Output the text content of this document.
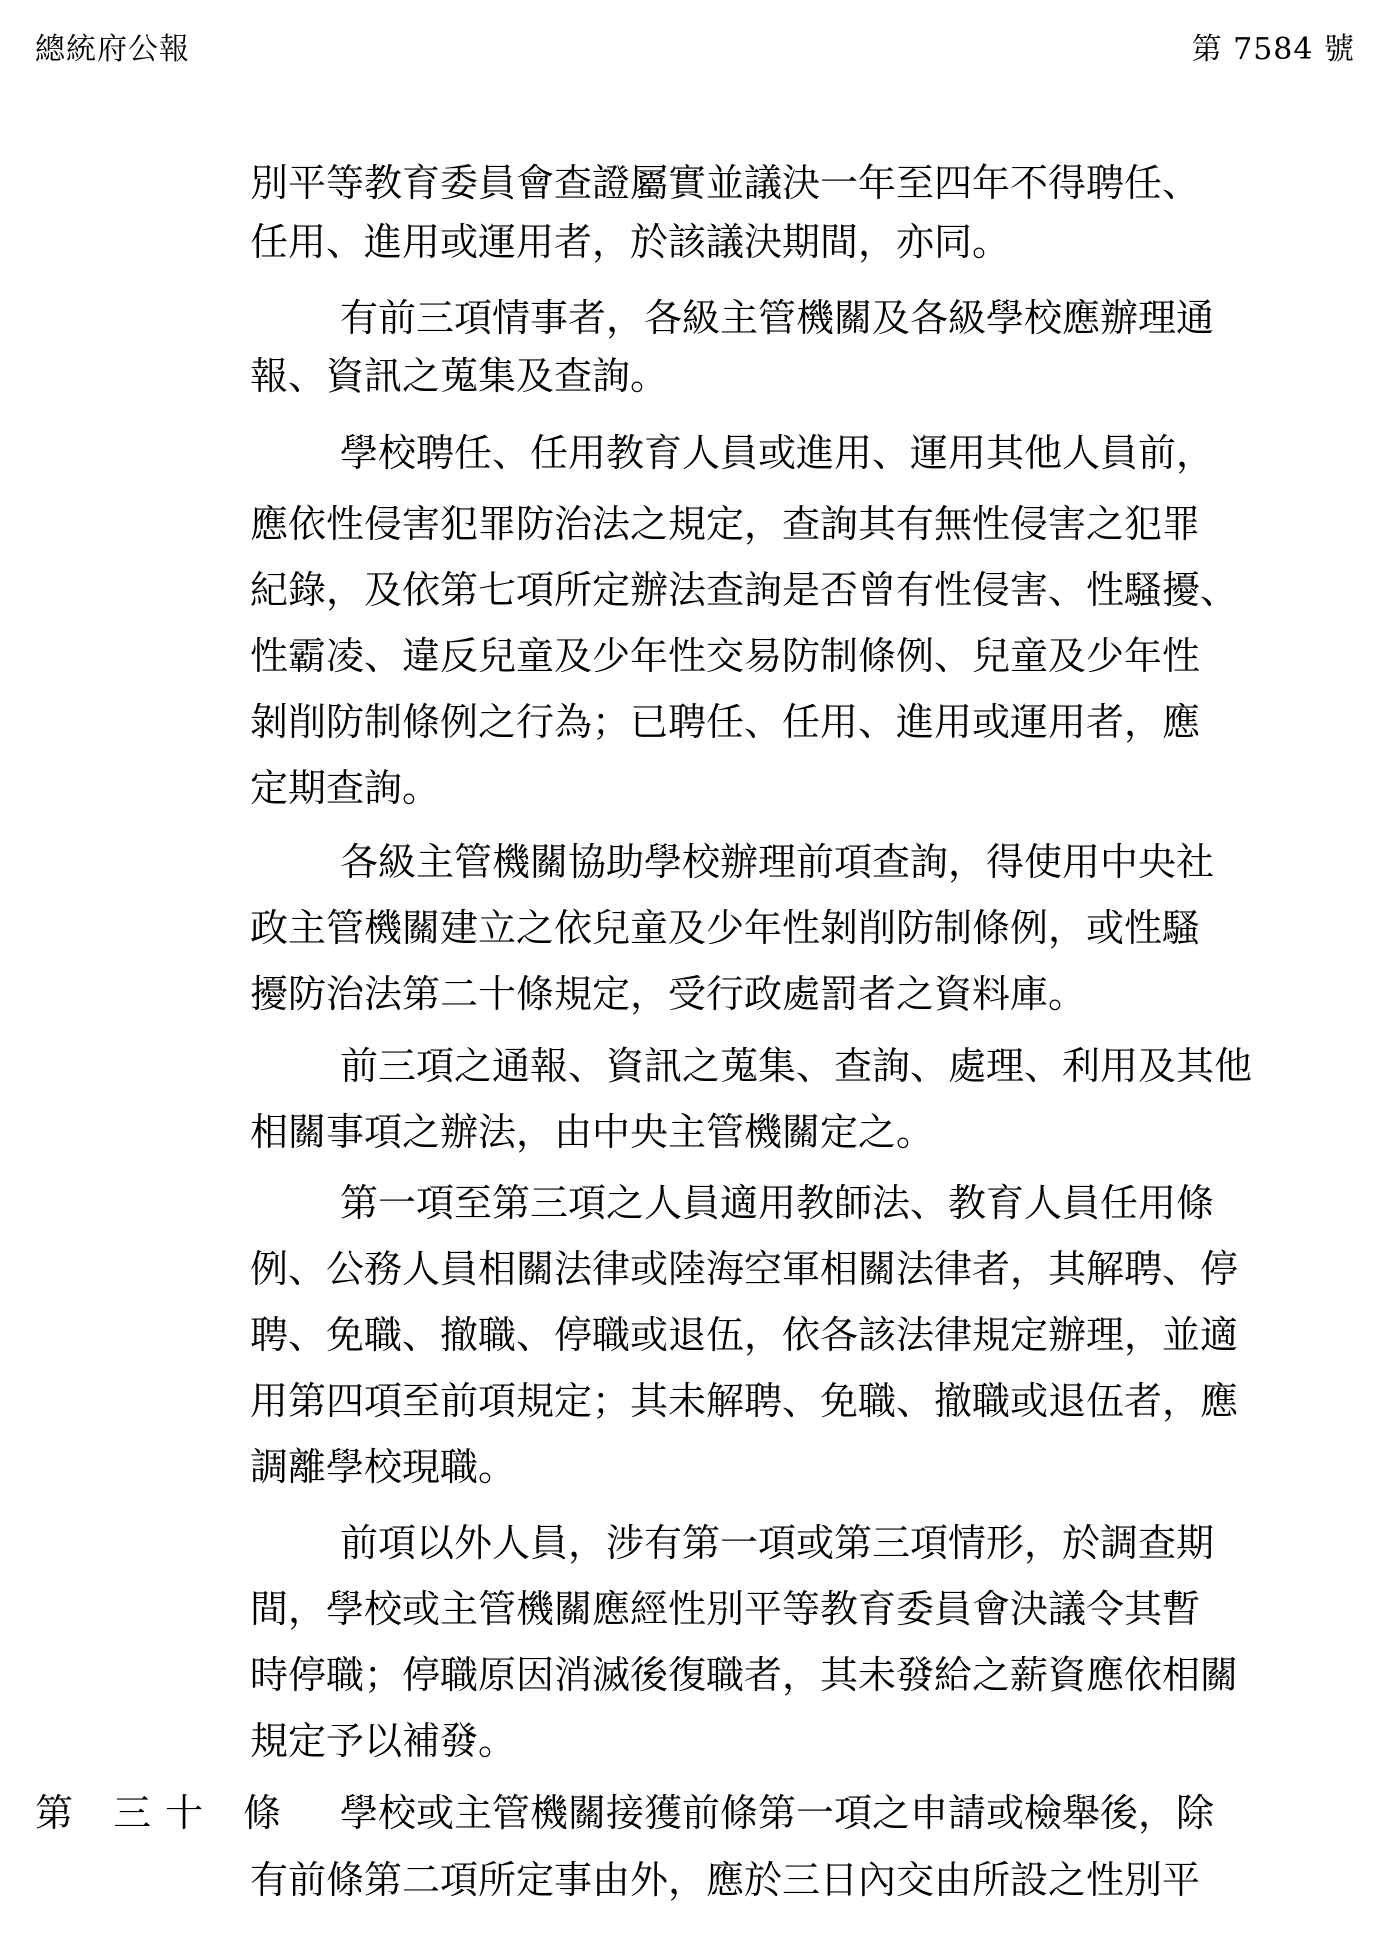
總統府公報	第 7584 號
別平等教育委員會查證屬實並議決一年至四年不得聘任、
任用、進用或運用者，於該議決期間，亦同。
有前三項情事者，各級主管機關及各級學校應辦理通
報、資訊之蒐集及查詢。
學校聘任、任用教育人員或進用、運用其他人員前，
應依性侵害犯罪防治法之規定，查詢其有無性侵害之犯罪
紀錄，及依第七項所定辦法查詢是否曾有性侵害、性騷擾、
性霸凌、違反兒童及少年性交易防制條例、兒童及少年性
剝削防制條例之行為；已聘任、任用、進用或運用者，應
定期查詢。
各級主管機關協助學校辦理前項查詢，得使用中央社
政主管機關建立之依兒童及少年性剝削防制條例，或性騷
擾防治法第二十條規定，受行政處罰者之資料庫。
前三項之通報、資訊之蒐集、查詢、處理、利用及其他
相關事項之辦法，由中央主管機關定之。
第一項至第三項之人員適用教師法、教育人員任用條
例、公務人員相關法律或陸海空軍相關法律者，其解聘、停
聘、免職、撤職、停職或退伍，依各該法律規定辦理，並適
用第四項至前項規定；其未解聘、免職、撤職或退伍者，應
調離學校現職。
前項以外人員，涉有第一項或第三項情形，於調查期
間，學校或主管機關應經性別平等教育委員會決議令其暫
時停職；停職原因消滅後復職者，其未發給之薪資應依相關
規定予以補發。
第 三十 條 學校或主管機關接獲前條第一項之申請或檢舉後，除
有前條第二項所定事由外，應於三日內交由所設之性別平
